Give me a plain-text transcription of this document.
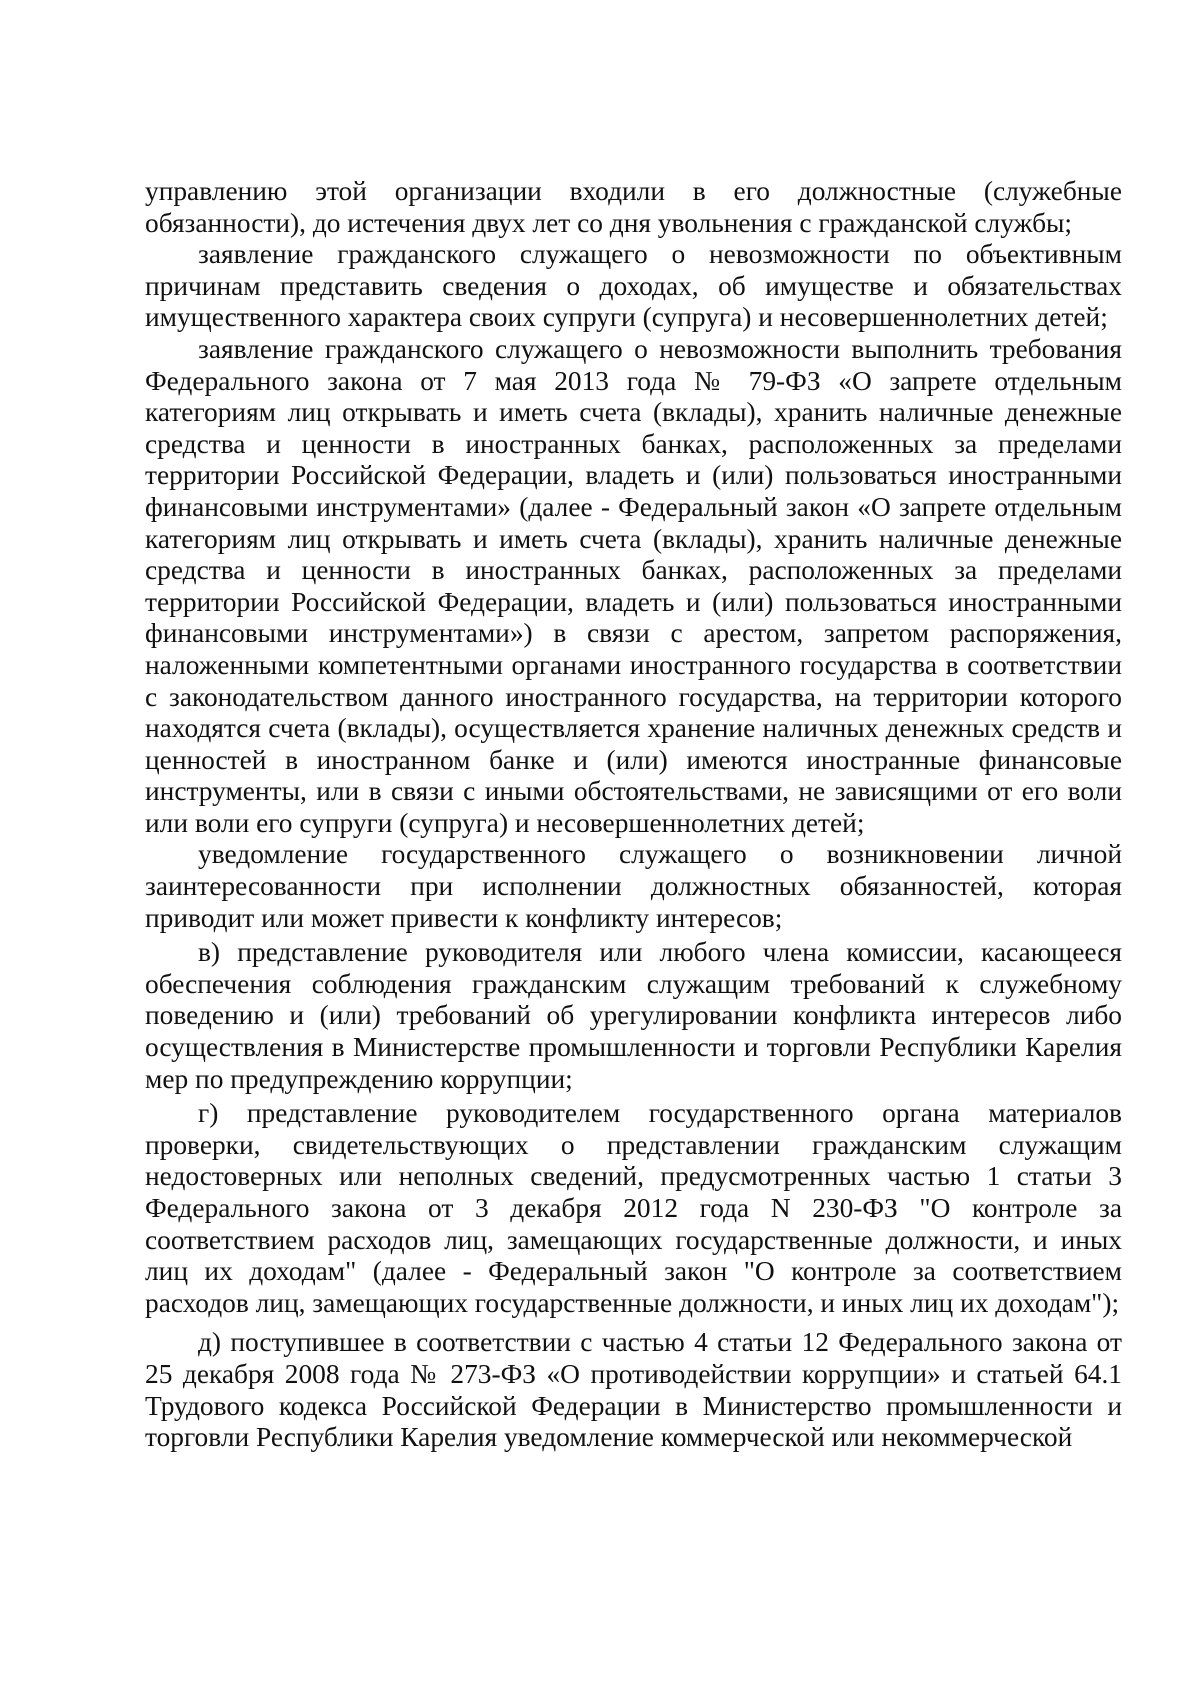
управлению этой организации входили в его должностные (служебные обязанности), до истечения двух лет со дня увольнения с гражданской службы;

заявление гражданского служащего о невозможности по объективным причинам представить сведения о доходах, об имуществе и обязательствах имущественного характера своих супруги (супруга) и несовершеннолетних детей;

заявление гражданского служащего о невозможности выполнить требования Федерального закона от 7 мая 2013 года № 79-ФЗ «О запрете отдельным категориям лиц открывать и иметь счета (вклады), хранить наличные денежные средства и ценности в иностранных банках, расположенных за пределами территории Российской Федерации, владеть и (или) пользоваться иностранными финансовыми инструментами» (далее - Федеральный закон «О запрете отдельным категориям лиц открывать и иметь счета (вклады), хранить наличные денежные средства и ценности в иностранных банках, расположенных за пределами территории Российской Федерации, владеть и (или) пользоваться иностранными финансовыми инструментами») в связи с арестом, запретом распоряжения, наложенными компетентными органами иностранного государства в соответствии с законодательством данного иностранного государства, на территории которого находятся счета (вклады), осуществляется хранение наличных денежных средств и ценностей в иностранном банке и (или) имеются иностранные финансовые инструменты, или в связи с иными обстоятельствами, не зависящими от его воли или воли его супруги (супруга) и несовершеннолетних детей;

уведомление государственного служащего о возникновении личной заинтересованности при исполнении должностных обязанностей, которая приводит или может привести к конфликту интересов;

в) представление руководителя или любого члена комиссии, касающееся обеспечения соблюдения гражданским служащим требований к служебному поведению и (или) требований об урегулировании конфликта интересов либо осуществления в Министерстве промышленности и торговли Республики Карелия мер по предупреждению коррупции;

г) представление руководителем государственного органа материалов проверки, свидетельствующих о представлении гражданским служащим недостоверных или неполных сведений, предусмотренных частью 1 статьи 3 Федерального закона от 3 декабря 2012 года N 230-ФЗ "О контроле за соответствием расходов лиц, замещающих государственные должности, и иных лиц их доходам" (далее - Федеральный закон "О контроле за соответствием расходов лиц, замещающих государственные должности, и иных лиц их доходам");

д) поступившее в соответствии с частью 4 статьи 12 Федерального закона от 25 декабря 2008 года № 273-ФЗ «О противодействии коррупции» и статьей 64.1 Трудового кодекса Российской Федерации в Министерство промышленности и торговли Республики Карелия уведомление коммерческой или некоммерческой
